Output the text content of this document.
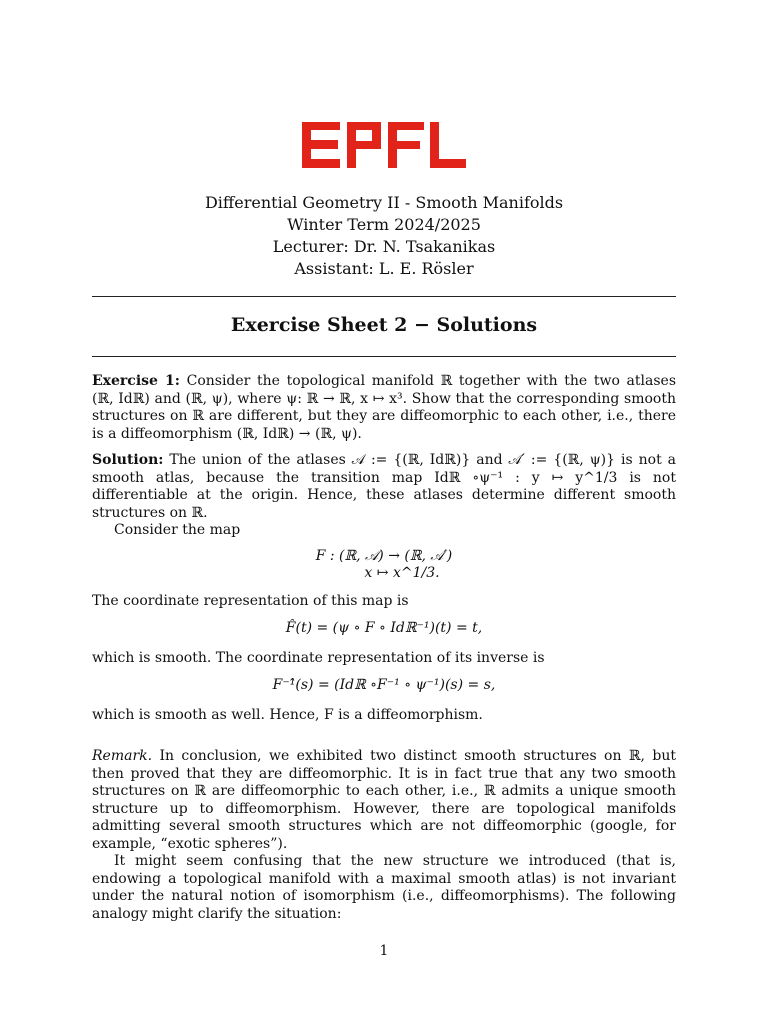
Differential Geometry II - Smooth Manifolds
Winter Term 2024/2025
Lecturer: Dr. N. Tsakanikas
Assistant: L. E. Rösler
Exercise Sheet 2 − Solutions

Exercise 1: Consider the topological manifold ℝ together with the two atlases (ℝ, Idℝ) and (ℝ, ψ), where ψ: ℝ → ℝ, x ↦ x³. Show that the corresponding smooth structures on ℝ are different, but they are diffeomorphic to each other, i.e., there is a diffeomorphism (ℝ, Idℝ) → (ℝ, ψ).

Solution: The union of the atlases 𝒜 := {(ℝ, Idℝ)} and 𝒜′ := {(ℝ, ψ)} is not a smooth atlas, because the transition map Idℝ ∘ψ⁻¹ : y ↦ y^1/3 is not differentiable at the origin. Hence, these atlases determine different smooth structures on ℝ.

Consider the map

F : (ℝ, 𝒜) → (ℝ, 𝒜′)

x ↦ x^1/3.

The coordinate representation of this map is

F̂(t) = (ψ ∘ F ∘ Idℝ⁻¹)(t) = t,

which is smooth. The coordinate representation of its inverse is

F⁻¹̂(s) = (Idℝ ∘F⁻¹ ∘ ψ⁻¹)(s) = s,

which is smooth as well. Hence, F is a diffeomorphism.

Remark. In conclusion, we exhibited two distinct smooth structures on ℝ, but then proved that they are diffeomorphic. It is in fact true that any two smooth structures on ℝ are diffeomorphic to each other, i.e., ℝ admits a unique smooth structure up to diffeomorphism. However, there are topological manifolds admitting several smooth structures which are not diffeomorphic (google, for example, “exotic spheres”).

It might seem confusing that the new structure we introduced (that is, endowing a topological manifold with a maximal smooth atlas) is not invariant under the natural notion of isomorphism (i.e., diffeomorphisms). The following analogy might clarify the situation:

1
